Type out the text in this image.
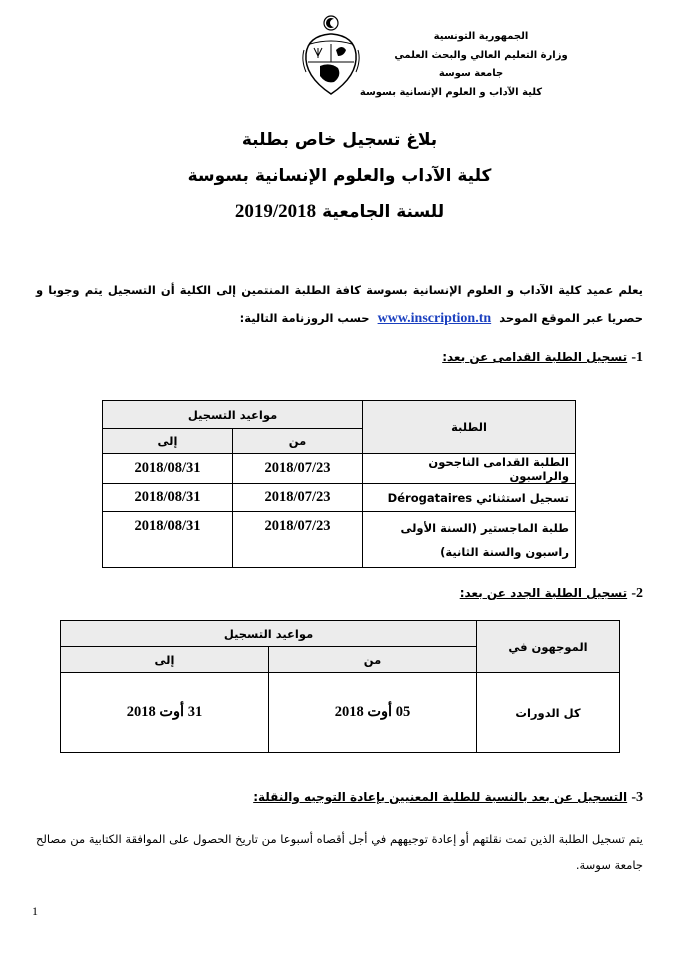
الجمهورية التونسية
وزارة التعليم العالي والبحث العلمي
جامعة سوسة
كلية الآداب و العلوم الإنسانية بسوسة
بلاغ تسجيل خاص بطلبة
كلية الآداب والعلوم الإنسانية بسوسة
للسنة الجامعية 2019/2018
يعلم عميد كلية الآداب و العلوم الإنسانية بسوسة كافة الطلبة المنتمين إلى الكلية أن التسجيل يتم وجوبا و حصريا عبر الموقع الموحد  www.inscription.tn  حسب الروزنامة التالية:
1- تسجيل الطلبة القدامى عن بعد:
الطلبة	مواعيد التسجيل	
	من	إلى
الطلبة القدامى الناجحون والراسبون	2018/07/23	2018/08/31
تسجيل استثنائي Dérogataires	2018/07/23	2018/08/31
طلبة الماجستير (السنة الأولى راسبون والسنة الثانية)	2018/07/23	2018/08/31
2- تسجيل الطلبة الجدد عن بعد:
الموجهون في	مواعيد التسجيل	
	من	إلى
كل الدورات	05 أوت 2018	31 أوت 2018
3- التسجيل عن بعد بالنسبة للطلبة المعنيين بإعادة التوجيه والنقلة:
يتم تسجيل الطلبة الذين تمت نقلتهم أو إعادة توجيههم في أجل أقصاه أسبوعا من تاريخ الحصول على الموافقة الكتابية من مصالح جامعة سوسة.
1
